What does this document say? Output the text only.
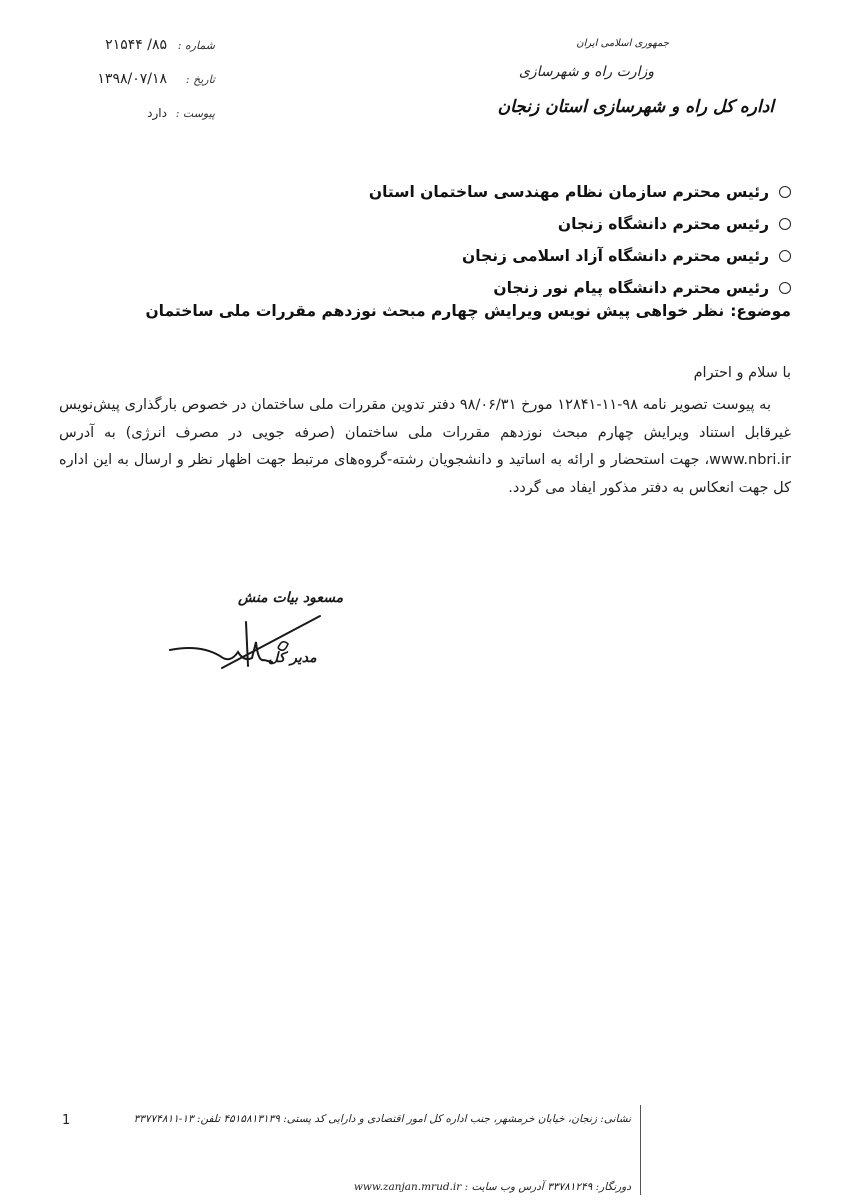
جمهوری اسلامی ایران
وزارت راه و شهرسازی
اداره کل راه و شهرسازی استان زنجان
شماره :
۸۵/ ۲۱۵۴۴
تاریخ :
۱۳۹۸/۰۷/۱۸
پیوست :
دارد
رئیس محترم سازمان نظام مهندسی ساختمان استان
رئیس محترم دانشگاه زنجان
رئیس محترم دانشگاه آزاد اسلامی زنجان
رئیس محترم دانشگاه پیام نور زنجان
موضوع:
نظر خواهی پیش نویس ویرایش چهارم مبحث نوزدهم مقررات ملی ساختمان
با سلام و احترام

به پیوست تصویر نامه ۹۸-۱۱-۱۲۸۴۱ مورخ ۹۸/۰۶/۳۱ دفتر تدوین مقررات ملی ساختمان در خصوص بارگذاری پیش‌نویس غیرقابل استناد ویرایش چهارم مبحث نوزدهم مقررات ملی ساختمان (صرفه جویی در مصرف انرژی) به آدرس www.nbri.ir، جهت استحضار و ارائه به اساتید و دانشجویان رشته-گروه‌های مرتبط جهت اظهار نظر و ارسال به این اداره کل جهت انعکاس به دفتر مذکور ایفاد می گردد.

مسعود بیات منش
مدیر کل
1	نشانی: زنجان، خیابان خرمشهر، جنب اداره کل امور اقتصادی و دارایی کد پستی: ۴۵۱۵۸۱۳۱۳۹ تلفن: ۱۳-۳۳۷۷۴۸۱۱
دورنگار: ۳۳۷۸۱۲۴۹ آدرس وب سایت : www.zanjan.mrud.ir
